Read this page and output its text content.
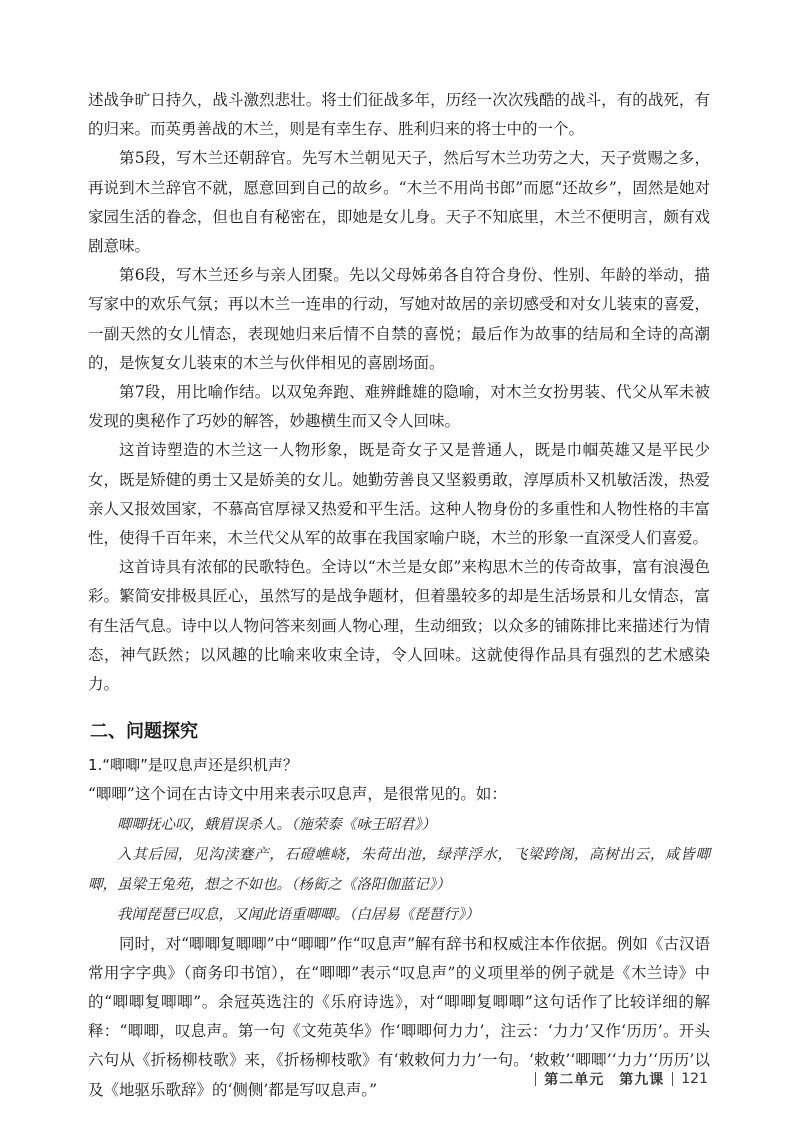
述战争旷日持久，战斗激烈悲壮。将士们征战多年，历经一次次残酷的战斗，有的战死，有的归来。而英勇善战的木兰，则是有幸生存、胜利归来的将士中的一个。

第5段，写木兰还朝辞官。先写木兰朝见天子，然后写木兰功劳之大，天子赏赐之多，再说到木兰辞官不就，愿意回到自己的故乡。“木兰不用尚书郎”而愿“还故乡”，固然是她对家园生活的眷念，但也自有秘密在，即她是女儿身。天子不知底里，木兰不便明言，颇有戏剧意味。

第6段，写木兰还乡与亲人团聚。先以父母姊弟各自符合身份、性别、年龄的举动，描写家中的欢乐气氛；再以木兰一连串的行动，写她对故居的亲切感受和对女儿装束的喜爱，一副天然的女儿情态，表现她归来后情不自禁的喜悦；最后作为故事的结局和全诗的高潮的，是恢复女儿装束的木兰与伙伴相见的喜剧场面。

第7段，用比喻作结。以双兔奔跑、难辨雌雄的隐喻，对木兰女扮男装、代父从军未被发现的奥秘作了巧妙的解答，妙趣横生而又令人回味。

这首诗塑造的木兰这一人物形象，既是奇女子又是普通人，既是巾帼英雄又是平民少女，既是矫健的勇士又是娇美的女儿。她勤劳善良又坚毅勇敢，淳厚质朴又机敏活泼，热爱亲人又报效国家，不慕高官厚禄又热爱和平生活。这种人物身份的多重性和人物性格的丰富性，使得千百年来，木兰代父从军的故事在我国家喻户晓，木兰的形象一直深受人们喜爱。

这首诗具有浓郁的民歌特色。全诗以“木兰是女郎”来构思木兰的传奇故事，富有浪漫色彩。繁简安排极具匠心，虽然写的是战争题材，但着墨较多的却是生活场景和儿女情态，富有生活气息。诗中以人物问答来刻画人物心理，生动细致；以众多的铺陈排比来描述行为情态，神气跃然；以风趣的比喻来收束全诗，令人回味。这就使得作品具有强烈的艺术感染力。

二、问题探究

1.“唧唧”是叹息声还是织机声？

“唧唧”这个词在古诗文中用来表示叹息声，是很常见的。如：

唧唧抚心叹，蛾眉误杀人。（施荣泰《咏王昭君》）

入其后园，见沟渎蹇产，石磴嶕峣，朱荷出池，绿萍浮水，飞梁跨阁，高树出云，咸皆唧唧，虽梁王兔苑，想之不如也。（杨衒之《洛阳伽蓝记》）

我闻琵琶已叹息，又闻此语重唧唧。（白居易《琵琶行》）

同时，对“唧唧复唧唧”中“唧唧”作“叹息声”解有辞书和权威注本作依据。例如《古汉语常用字字典》（商务印书馆），在“唧唧”表示“叹息声”的义项里举的例子就是《木兰诗》中的“唧唧复唧唧”。余冠英选注的《乐府诗选》，对“唧唧复唧唧”这句话作了比较详细的解释：“唧唧，叹息声。第一句《文苑英华》作‘唧唧何力力’，注云：‘力力’又作‘历历’。开头六句从《折杨柳枝歌》来，《折杨柳枝歌》有‘敕敕何力力’一句。‘敕敕’‘唧唧’‘力力’‘历历’以及《地驱乐歌辞》的‘侧侧’都是写叹息声。”

第二单元　第九课 121
